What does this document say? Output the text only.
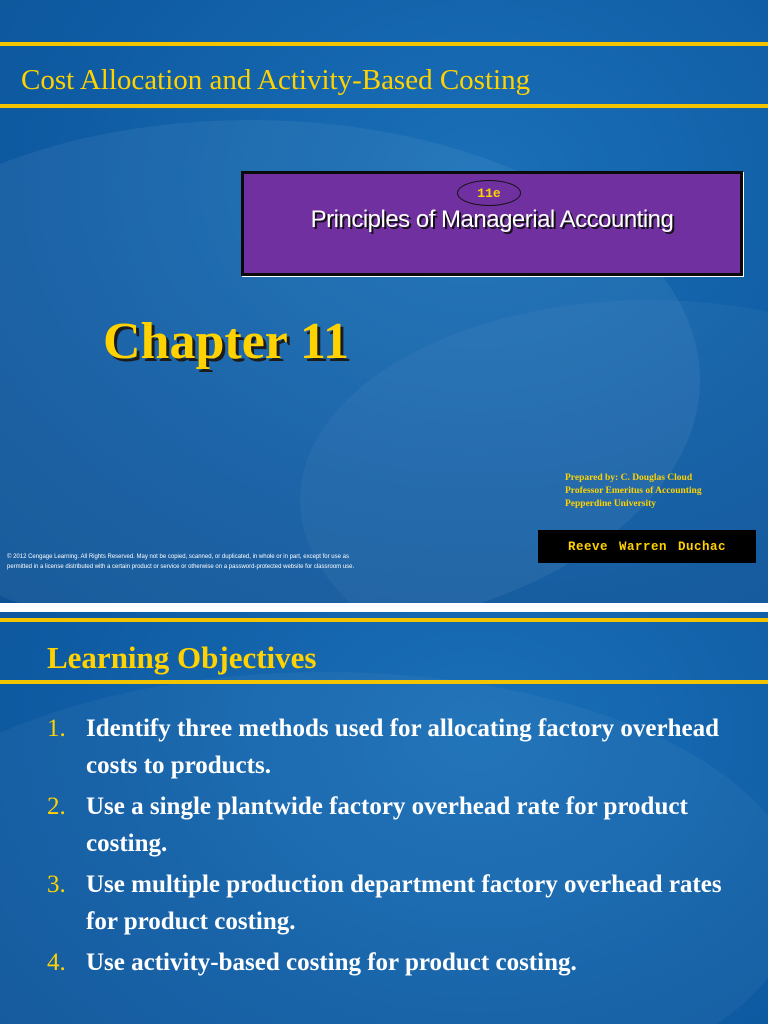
Cost Allocation and Activity-Based Costing
11e
Principles of Managerial Accounting
Chapter 11
Prepared by: C. Douglas Cloud
Professor Emeritus of Accounting
Pepperdine University
Reeve Warren Duchac
© 2012 Cengage Learning. All Rights Reserved. May not be copied, scanned, or duplicated, in whole or in part, except for use as
permitted in a license distributed with a certain product or service or otherwise on a password-protected website for classroom use.
Learning Objectives
1. Identify three methods used for allocating factory overhead costs to products.
2. Use a single plantwide factory overhead rate for product costing.
3. Use multiple production department factory overhead rates for product costing.
4. Use activity-based costing for product costing.
